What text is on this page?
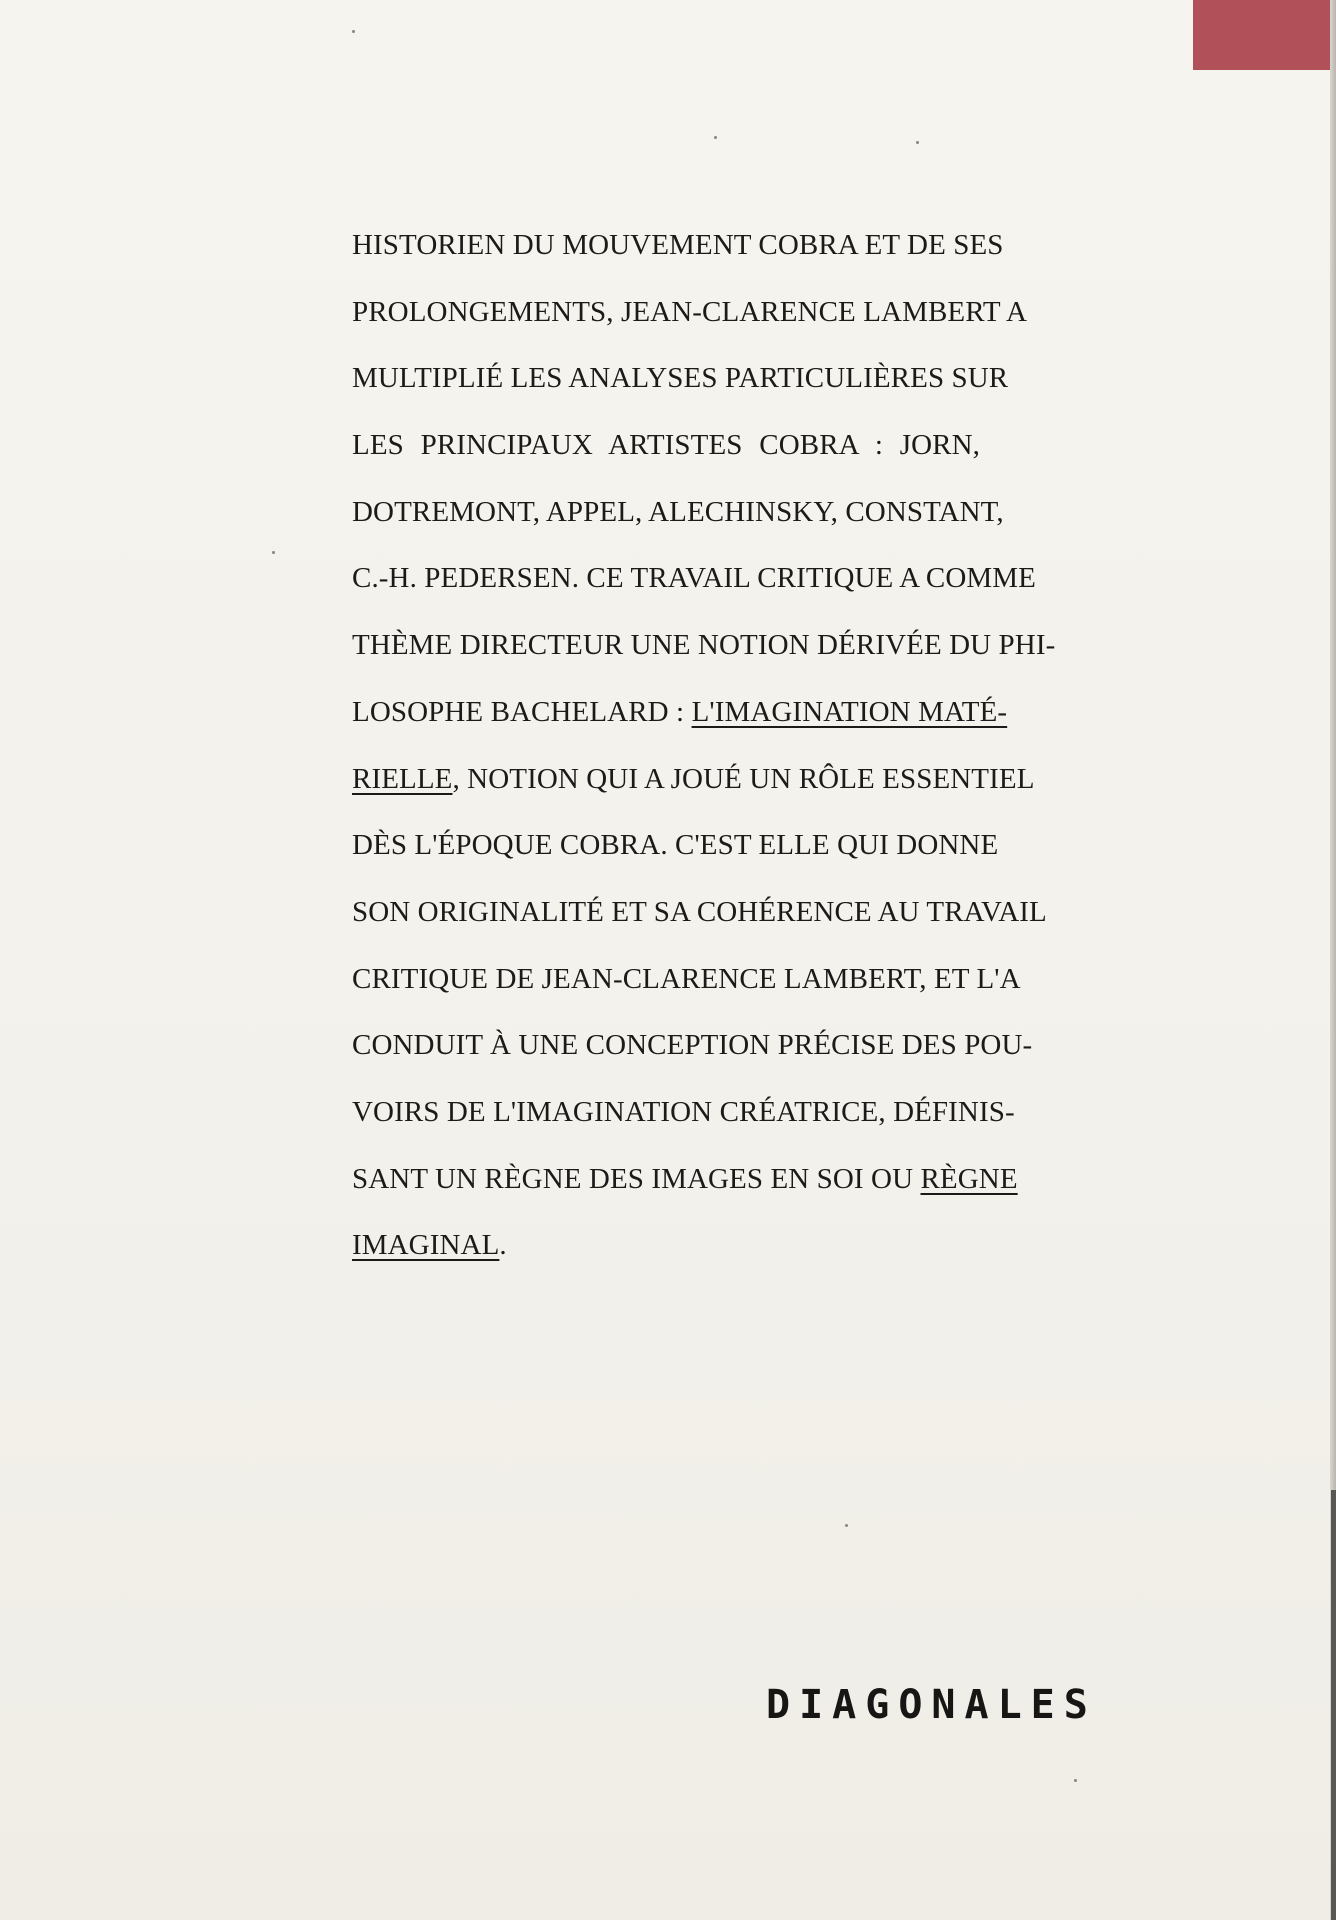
HISTORIEN DU MOUVEMENT COBRA ET DE SES
PROLONGEMENTS, JEAN-CLARENCE LAMBERT A
MULTIPLIÉ LES ANALYSES PARTICULIÈRES SUR
LES PRINCIPAUX ARTISTES COBRA : JORN,
DOTREMONT, APPEL, ALECHINSKY, CONSTANT,
C.-H. PEDERSEN. CE TRAVAIL CRITIQUE A COMME
THÈME DIRECTEUR UNE NOTION DÉRIVÉE DU PHI-
LOSOPHE BACHELARD : L'IMAGINATION MATÉ-
RIELLE, NOTION QUI A JOUÉ UN RÔLE ESSENTIEL
DÈS L'ÉPOQUE COBRA. C'EST ELLE QUI DONNE
SON ORIGINALITÉ ET SA COHÉRENCE AU TRAVAIL
CRITIQUE DE JEAN-CLARENCE LAMBERT, ET L'A
CONDUIT À UNE CONCEPTION PRÉCISE DES POU-
VOIRS DE L'IMAGINATION CRÉATRICE, DÉFINIS-
SANT UN RÈGNE DES IMAGES EN SOI OU RÈGNE
IMAGINAL.

DIAGONALES
